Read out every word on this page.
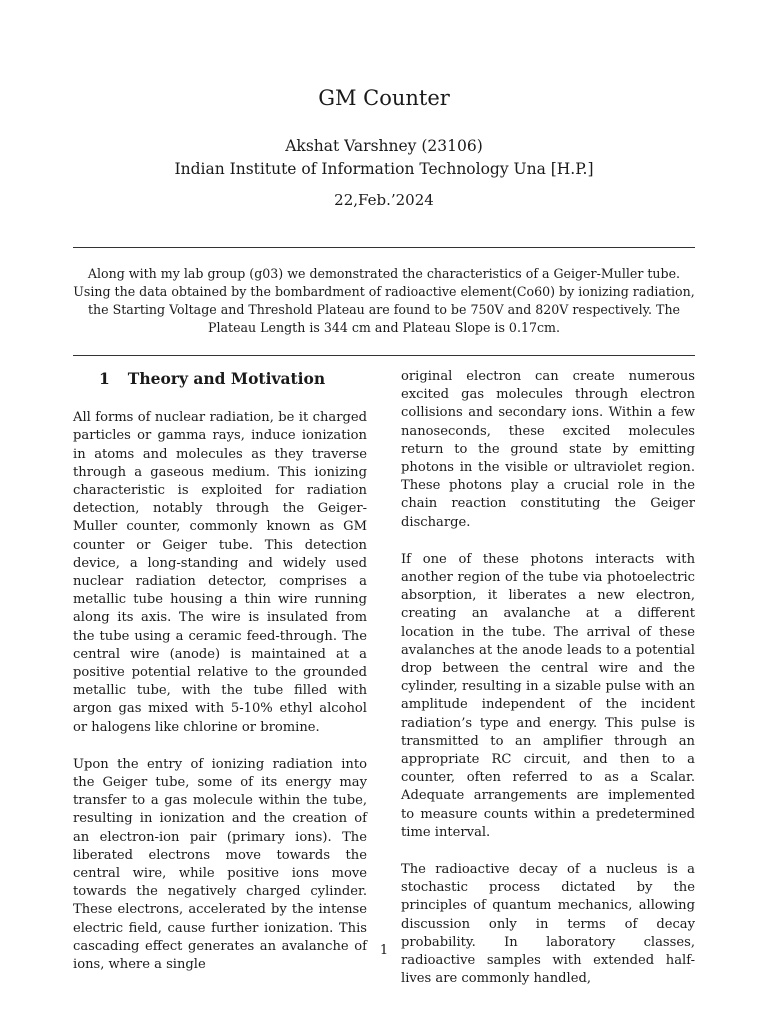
GM Counter
Akshat Varshney (23106)
Indian Institute of Information Technology Una [H.P.]
22,Feb.’2024
Along with my lab group (g03) we demonstrated the characteristics of a Geiger-Muller tube. Using the data obtained by the bombardment of radioactive element(Co60) by ionizing radiation, the Starting Voltage and Threshold Plateau are found to be 750V and 820V respectively. The Plateau Length is 344 cm and Plateau Slope is 0.17cm.
1 Theory and Motivation

All forms of nuclear radiation, be it charged particles or gamma rays, induce ionization in atoms and molecules as they traverse through a gaseous medium. This ionizing characteristic is exploited for radiation detection, notably through the Geiger-Muller counter, commonly known as GM counter or Geiger tube. This detection device, a long-standing and widely used nuclear radiation detector, comprises a metallic tube housing a thin wire running along its axis. The wire is insulated from the tube using a ceramic feed-through. The central wire (anode) is maintained at a positive potential relative to the grounded metallic tube, with the tube filled with argon gas mixed with 5-10% ethyl alcohol or halogens like chlorine or bromine.

Upon the entry of ionizing radiation into the Geiger tube, some of its energy may transfer to a gas molecule within the tube, resulting in ionization and the creation of an electron-ion pair (primary ions). The liberated electrons move towards the central wire, while positive ions move towards the negatively charged cylinder. These electrons, accelerated by the intense electric field, cause further ionization. This cascading effect generates an avalanche of ions, where a single

original electron can create numerous excited gas molecules through electron collisions and secondary ions. Within a few nanoseconds, these excited molecules return to the ground state by emitting photons in the visible or ultraviolet region. These photons play a crucial role in the chain reaction constituting the Geiger discharge.

If one of these photons interacts with another region of the tube via photoelectric absorption, it liberates a new electron, creating an avalanche at a different location in the tube. The arrival of these avalanches at the anode leads to a potential drop between the central wire and the cylinder, resulting in a sizable pulse with an amplitude independent of the incident radiation’s type and energy. This pulse is transmitted to an amplifier through an appropriate RC circuit, and then to a counter, often referred to as a Scalar. Adequate arrangements are implemented to measure counts within a predetermined time interval.

The radioactive decay of a nucleus is a stochastic process dictated by the principles of quantum mechanics, allowing discussion only in terms of decay probability. In laboratory classes, radioactive samples with extended half-lives are commonly handled,

1
